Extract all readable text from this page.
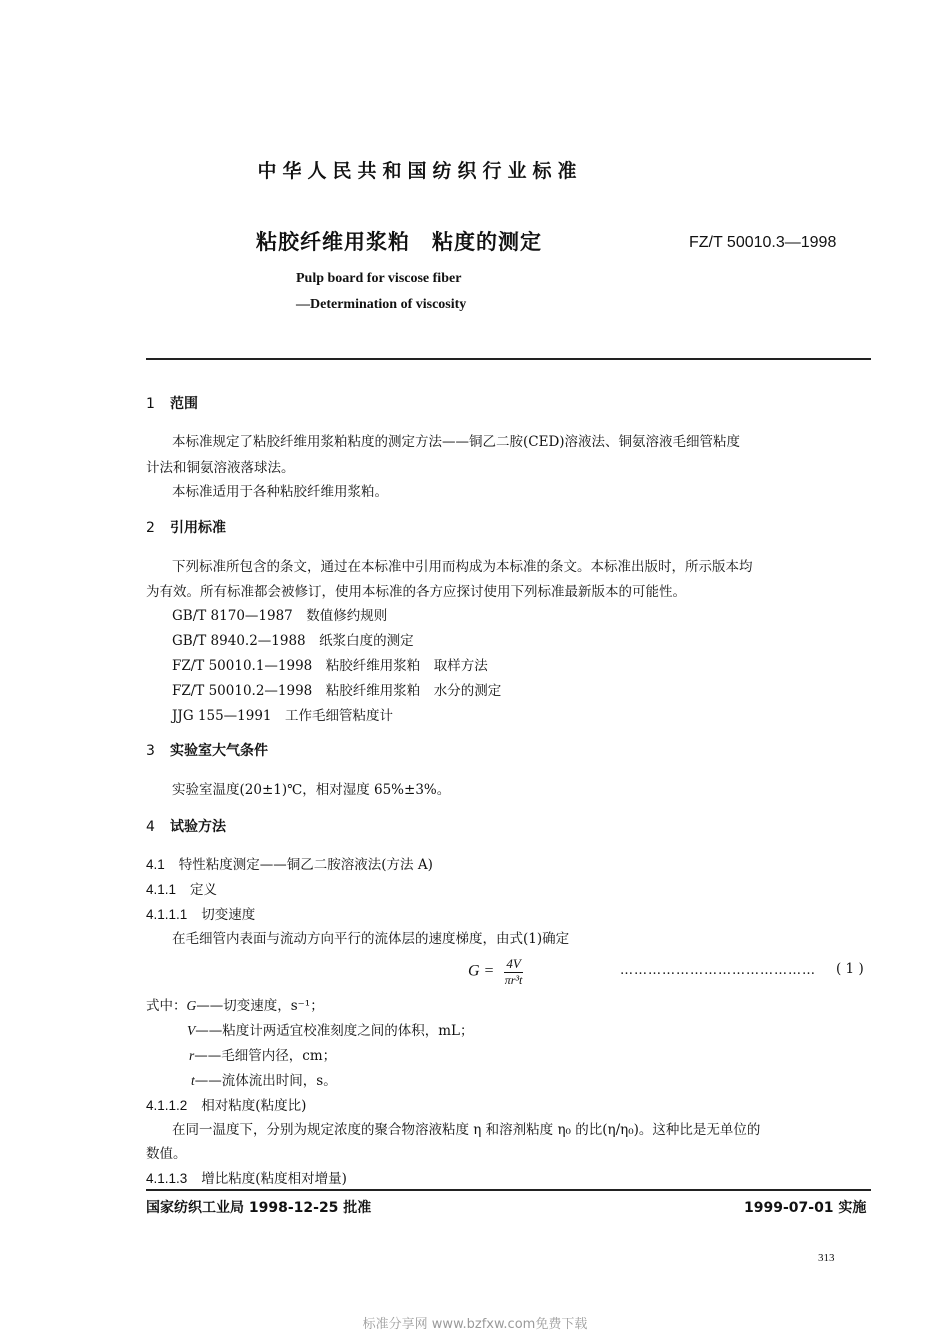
中华人民共和国纺织行业标准
粘胶纤维用浆粕　粘度的测定	FZ/T 50010.3—1998
Pulp board for viscose fiber
—Determination of viscosity
1 范围
本标准规定了粘胶纤维用浆粕粘度的测定方法——铜乙二胺(CED)溶液法、铜氨溶液毛细管粘度
计法和铜氨溶液落球法。
本标准适用于各种粘胶纤维用浆粕。
2 引用标准
下列标准所包含的条文，通过在本标准中引用而构成为本标准的条文。本标准出版时，所示版本均
为有效。所有标准都会被修订，使用本标准的各方应探讨使用下列标准最新版本的可能性。
GB/T 8170—1987　数值修约规则
GB/T 8940.2—1988　纸浆白度的测定
FZ/T 50010.1—1998　粘胶纤维用浆粕　取样方法
FZ/T 50010.2—1998　粘胶纤维用浆粕　水分的测定
JJG 155—1991　工作毛细管粘度计
3 实验室大气条件
实验室温度(20±1)℃，相对湿度 65%±3%。
4 试验方法
4.1 特性粘度测定——铜乙二胺溶液法(方法 A)
4.1.1 定义
4.1.1.1 切变速度
在毛细管内表面与流动方向平行的流体层的速度梯度，由式(1)确定
$G = \frac{4V}{\text{πr³t}}$	…………………………………… ( 1 )
式中：G——切变速度，s⁻¹；
V——粘度计两适宜校准刻度之间的体积，mL；
r——毛细管内径，cm；
t——流体流出时间，s。
4.1.1.2 相对粘度(粘度比)
在同一温度下，分别为规定浓度的聚合物溶液粘度 η 和溶剂粘度 η₀ 的比(η/η₀)。这种比是无单位的
数值。
4.1.1.3 增比粘度(粘度相对增量)
国家纺织工业局 1998-12-25 批准	1999-07-01 实施
313
标准分享网 www.bzfxw.com免费下载
